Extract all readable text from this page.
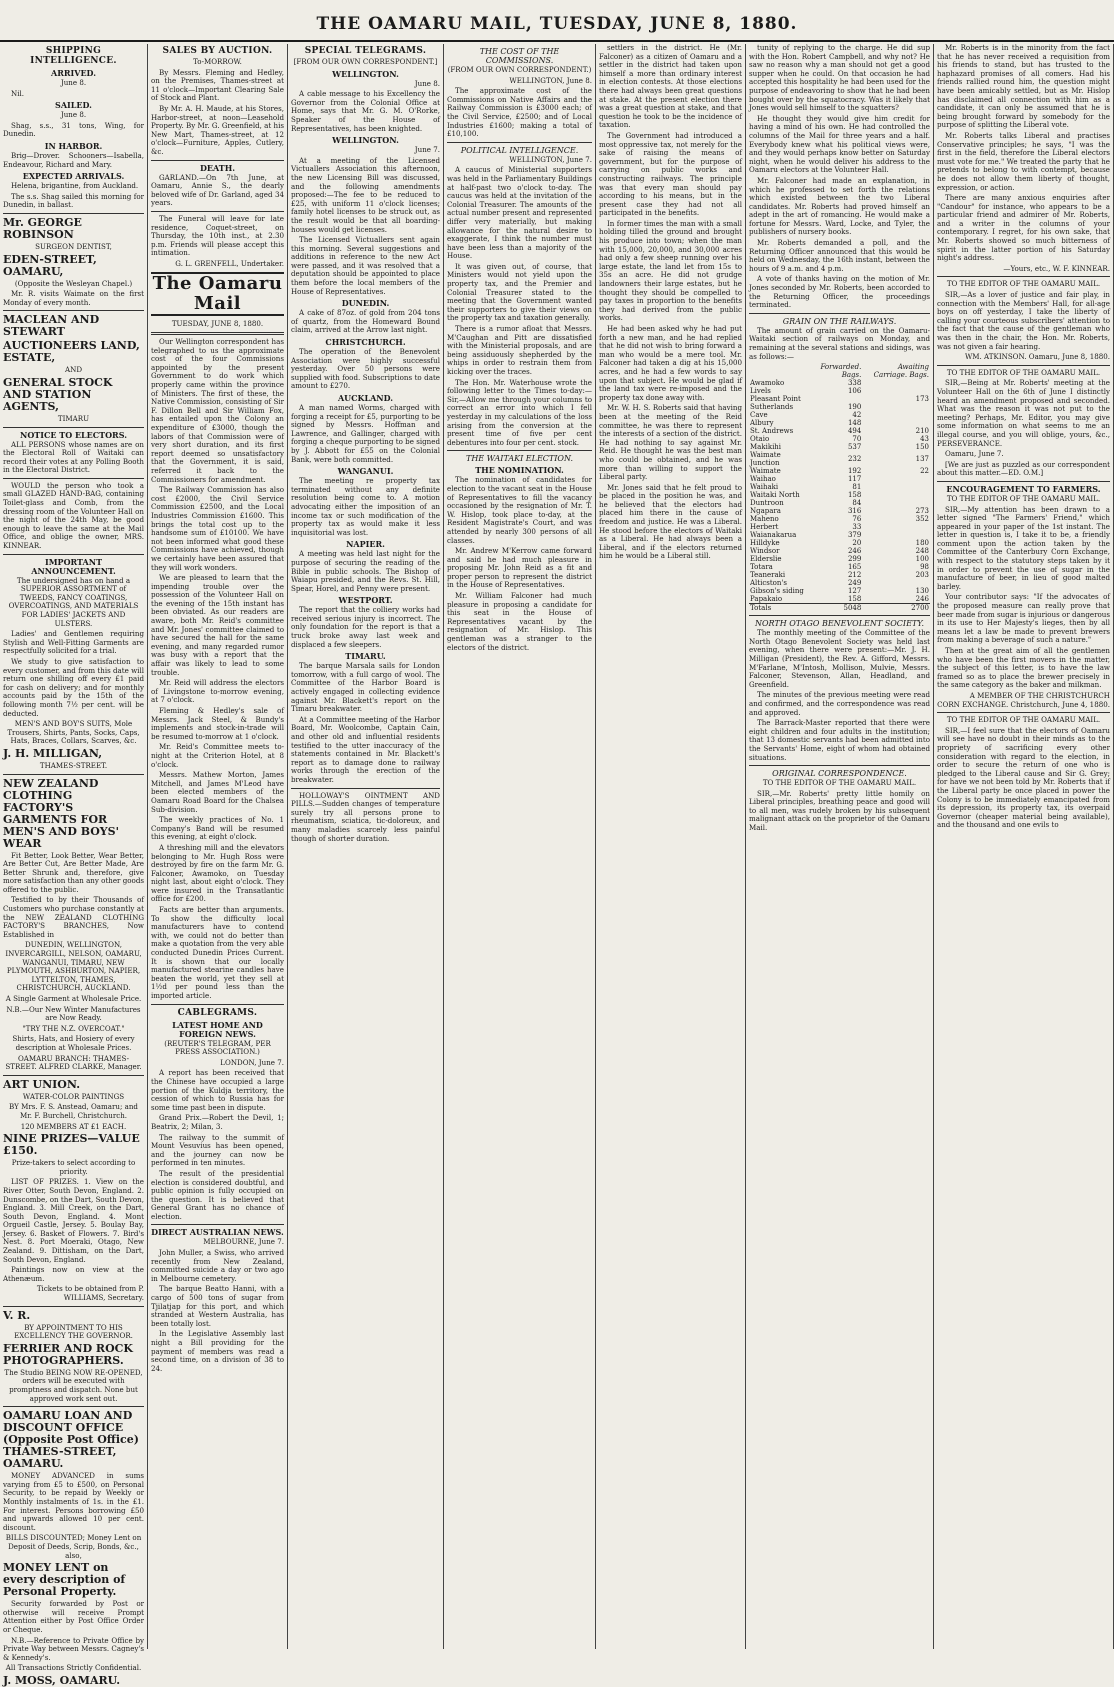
THE OAMARU MAIL, TUESDAY, JUNE 8, 1880.
SHIPPING INTELLIGENCE.
ARRIVED.

June 8.

Nil.

SAILED.

June 8.

Shag, s.s., 31 tons, Wing, for Dunedin.

IN HARBOR.

Brig—Drover. Schooners—Isabella, Endeavour, Richard and Mary.

EXPECTED ARRIVALS.

Helena, brigantine, from Auckland.

The s.s. Shag sailed this morning for Dunedin, in ballast.

Mr. GEORGE ROBINSON

SURGEON DENTIST,

EDEN-STREET, OAMARU,

(Opposite the Wesleyan Chapel.)

Mr. R. visits Waimate on the first Monday of every month.

MACLEAN AND STEWART

AUCTIONEERS LAND, ESTATE,

AND

GENERAL STOCK AND STATION AGENTS,

TIMARU

NOTICE TO ELECTORS.

ALL PERSONS whose names are on the Electoral Roll of Waitaki can record their votes at any Polling Booth in the Electoral District.

WOULD the person who took a small GLAZED HAND-BAG, containing Toilet-glass and Comb, from the dressing room of the Volunteer Hall on the night of the 24th May, be good enough to leave the same at the Mail Office, and oblige the owner, MRS. KINNEAR.

IMPORTANT ANNOUNCEMENT.

The undersigned has on hand a SUPERIOR ASSORTMENT of TWEEDS, FANCY COATINGS, OVERCOATINGS, AND MATERIALS FOR LADIES' JACKETS AND ULSTERS.

Ladies' and Gentlemen requiring Stylish and Well-Fitting Garments are respectfully solicited for a trial.

We study to give satisfaction to every customer, and from this date will return one shilling off every £1 paid for cash on delivery; and for monthly accounts paid by the 15th of the following month 7½ per cent. will be deducted.

MEN'S AND BOY'S SUITS, Mole Trousers, Shirts, Pants, Socks, Caps, Hats, Braces, Collars, Scarves, &c.

J. H. MILLIGAN,

THAMES-STREET.

NEW ZEALAND CLOTHING FACTORY'S GARMENTS FOR MEN'S AND BOYS' WEAR

Fit Better, Look Better, Wear Better, Are Better Cut, Are Better Made, Are Better Shrunk and, therefore, give more satisfaction than any other goods offered to the public.

Testified to by their Thousands of Customers who purchase constantly at the NEW ZEALAND CLOTHING FACTORY'S BRANCHES, Now Established in

DUNEDIN, WELLINGTON, INVERCARGILL, NELSON, OAMARU, WANGANUI, TIMARU, NEW PLYMOUTH, ASHBURTON, NAPIER, LYTTELTON, THAMES, CHRISTCHURCH, AUCKLAND.

A Single Garment at Wholesale Price.

N.B.—Our New Winter Manufactures are Now Ready.

"TRY THE N.Z. OVERCOAT."

Shirts, Hats, and Hosiery of every description at Wholesale Prices.

OAMARU BRANCH: THAMES-STREET. ALFRED CLARKE, Manager.

ART UNION.

WATER-COLOR PAINTINGS

BY Mrs. F. S. Anstead, Oamaru; and Mr. F. Burchell, Christchurch.

120 MEMBERS AT £1 EACH.

NINE PRIZES—VALUE £150.

Prize-takers to select according to priority.

LIST OF PRIZES. 1. View on the River Otter, South Devon, England. 2. Dunscombe, on the Dart, South Devon, England. 3. Mill Creek, on the Dart, South Devon, England. 4. Mont Orgueil Castle, Jersey. 5. Boulay Bay, Jersey. 6. Basket of Flowers. 7. Bird's Nest. 8. Port Moeraki, Otago, New Zealand. 9. Dittisham, on the Dart, South Devon, England.

Paintings now on view at the Athenæum.

Tickets to be obtained from P. WILLIAMS, Secretary.

V. R.

BY APPOINTMENT TO HIS EXCELLENCY THE GOVERNOR.

FERRIER AND ROCK PHOTOGRAPHERS.

The Studio BEING NOW RE-OPENED, orders will be executed with promptness and dispatch. None but approved work sent out.

OAMARU LOAN AND DISCOUNT OFFICE (Opposite Post Office) THAMES-STREET, OAMARU.

MONEY ADVANCED in sums varying from £5 to £500, on Personal Security, to be repaid by Weekly or Monthly instalments of 1s. in the £1. For interest. Persons borrowing £50 and upwards allowed 10 per cent. discount.

BILLS DISCOUNTED; Money Lent on Deposit of Deeds, Scrip, Bonds, &c., also,

MONEY LENT on every description of Personal Property.

Security forwarded by Post or otherwise will receive Prompt Attention either by Post Office Order or Cheque.

N.B.—Reference to Private Office by Private Way between Messrs. Cagney's & Kennedy's.

All Transactions Strictly Confidential.

J. MOSS, OAMARU.

SALES BY AUCTION.

To-MORROW.

By Messrs. Fleming and Hedley, on the Premises, Thames-street at 11 o'clock—Important Clearing Sale of Stock and Plant.

By Mr. A. H. Maude, at his Stores, Harbor-street, at noon—Leasehold Property. By Mr. G. Greenfield, at his New Mart, Thames-street, at 12 o'clock—Furniture, Apples, Cutlery, &c.

DEATH.

GARLAND.—On 7th June, at Oamaru, Annie S., the dearly beloved wife of Dr. Garland, aged 34 years.

The Funeral will leave for late residence, Coquet-street, on Thursday, the 10th inst., at 2.30 p.m. Friends will please accept this intimation.

G. L. GRENFELL, Undertaker.

The Oamaru Mail

TUESDAY, JUNE 8, 1880.

Our Wellington correspondent has telegraphed to us the approximate cost of the four Commissions appointed by the present Government to do work which properly came within the province of Ministers. The first of these, the Native Commission, consisting of Sir F. Dillon Bell and Sir William Fox, has entailed upon the Colony an expenditure of £3000, though the labors of that Commission were of very short duration, and its first report deemed so unsatisfactory that the Government, it is said, referred it back to the Commissioners for amendment.

The Railway Commission has also cost £2000, the Civil Service Commission £2500, and the Local Industries Commission £1600. This brings the total cost up to the handsome sum of £10100. We have not been informed what good these Commissions have achieved, though we certainly have been assured that they will work wonders.

We are pleased to learn that the impending trouble over the possession of the Volunteer Hall on the evening of the 15th instant has been obviated. As our readers are aware, both Mr. Reid's committee and Mr. Jones' committee claimed to have secured the hall for the same evening, and many regarded rumor was busy with a report that the affair was likely to lead to some trouble.

Mr. Reid will address the electors of Livingstone to-morrow evening, at 7 o'clock.

Fleming & Hedley's sale of Messrs. Jack Steel, & Bundy's implements and stock-in-trade will be resumed to-morrow at 1 o'clock.

Mr. Reid's Committee meets to-night at the Criterion Hotel, at 8 o'clock.

Messrs. Mathew Morton, James Mitchell, and James M'Leod have been elected members of the Oamaru Road Board for the Chalsea Sub-division.

The weekly practices of No. 1 Company's Band will be resumed this evening, at eight o'clock.

A threshing mill and the elevators belonging to Mr. Hugh Ross were destroyed by fire on the farm Mr. G. Falconer, Awamoko, on Tuesday night last, about eight o'clock. They were insured in the Transatlantic office for £200.

Facts are better than arguments. To show the difficulty local manufacturers have to contend with, we could not do better than make a quotation from the very able conducted Dunedin Prices Current. It is shown that our locally manufactured stearine candles have beaten the world, yet they sell at 1½d per pound less than the imported article.

CABLEGRAMS.
LATEST HOME AND FOREIGN NEWS.

(REUTER'S TELEGRAM, PER PRESS ASSOCIATION.)

LONDON, June 7.

A report has been received that the Chinese have occupied a large portion of the Kuldja territory, the cession of which to Russia has for some time past been in dispute.

Grand Prix.—Robert the Devil, 1; Beatrix, 2; Milan, 3.

The railway to the summit of Mount Vesuvius has been opened, and the journey can now be performed in ten minutes.

The result of the presidential election is considered doubtful, and public opinion is fully occupied on the question. It is believed that General Grant has no chance of election.

DIRECT AUSTRALIAN NEWS.

MELBOURNE, June 7.

John Muller, a Swiss, who arrived recently from New Zealand, committed suicide a day or two ago in Melbourne cemetery.

The barque Beatto Hanni, with a cargo of 500 tons of sugar from Tjilatjap for this port, and which stranded at Western Australia, has been totally lost.

In the Legislative Assembly last night a Bill providing for the payment of members was read a second time, on a division of 38 to 24.

SPECIAL TELEGRAMS.

[FROM OUR OWN CORRESPONDENT.]

WELLINGTON.

June 8.

A cable message to his Excellency the Governor from the Colonial Office at Home, says that Mr. G. M. O'Rorke, Speaker of the House of Representatives, has been knighted.

WELLINGTON.

June 7.

At a meeting of the Licensed Victuallers Association this afternoon, the new Licensing Bill was discussed, and the following amendments proposed:—The fee to be reduced to £25, with uniform 11 o'clock licenses; family hotel licenses to be struck out, as the result would be that all boarding-houses would get licenses.

The Licensed Victuallers sent again this morning. Several suggestions and additions in reference to the new Act were passed, and it was resolved that a deputation should be appointed to place them before the local members of the House of Representatives.

DUNEDIN.

A cake of 87oz. of gold from 204 tons of quartz, from the Homeward Bound claim, arrived at the Arrow last night.

CHRISTCHURCH.

The operation of the Benevolent Association were highly successful yesterday. Over 50 persons were supplied with food. Subscriptions to date amount to £270.

AUCKLAND.

A man named Worms, charged with forging a receipt for £5, purporting to be signed by Messrs. Hoffman and Lawrence, and Gallinger, charged with forging a cheque purporting to be signed by J. Abbott for £55 on the Colonial Bank, were both committed.

WANGANUI.

The meeting re property tax terminated without any definite resolution being come to. A motion advocating either the imposition of an income tax or such modification of the property tax as would make it less inquisitorial was lost.

NAPIER.

A meeting was held last night for the purpose of securing the reading of the Bible in public schools. The Bishop of Waiapu presided, and the Revs. St. Hill, Spear, Horel, and Penny were present.

WESTPORT.

The report that the colliery works had received serious injury is incorrect. The only foundation for the report is that a truck broke away last week and displaced a few sleepers.

TIMARU.

The barque Marsala sails for London tomorrow, with a full cargo of wool. The Committee of the Harbor Board is actively engaged in collecting evidence against Mr. Blackett's report on the Timaru breakwater.

At a Committee meeting of the Harbor Board, Mr. Woolcombe, Captain Cain, and other old and influential residents testified to the utter inaccuracy of the statements contained in Mr. Blackett's report as to damage done to railway works through the erection of the breakwater.

HOLLOWAY'S OINTMENT AND PILLS.—Sudden changes of temperature surely try all persons prone to rheumatism, sciatica, tic-doloreux, and many maladies scarcely less painful though of shorter duration.

THE COST OF THE COMMISSIONS.

(FROM OUR OWN CORRESPONDENT.)

WELLINGTON, June 8.

The approximate cost of the Commissions on Native Affairs and the Railway Commission is £3000 each; of the Civil Service, £2500; and of Local Industries £1600; making a total of £10,100.

POLITICAL INTELLIGENCE.

WELLINGTON, June 7.

A caucus of Ministerial supporters was held in the Parliamentary Buildings at half-past two o'clock to-day. The caucus was held at the invitation of the Colonial Treasurer. The amounts of the actual number present and represented differ very materially, but making allowance for the natural desire to exaggerate, I think the number must have been less than a majority of the House.

It was given out, of course, that Ministers would not yield upon the property tax, and the Premier and Colonial Treasurer stated to the meeting that the Government wanted their supporters to give their views on the property tax and taxation generally.

There is a rumor afloat that Messrs. M'Caughan and Pitt are dissatisfied with the Ministerial proposals, and are being assiduously shepherded by the whips in order to restrain them from kicking over the traces.

The Hon. Mr. Waterhouse wrote the following letter to the Times to-day:—Sir,—Allow me through your columns to correct an error into which I fell yesterday in my calculations of the loss arising from the conversion at the present time of five per cent debentures into four per cent. stock.

THE WAITAKI ELECTION.
THE NOMINATION.

The nomination of candidates for election to the vacant seat in the House of Representatives to fill the vacancy occasioned by the resignation of Mr. T. W. Hislop, took place to-day, at the Resident Magistrate's Court, and was attended by nearly 300 persons of all classes.

Mr. Andrew M'Kerrow came forward and said he had much pleasure in proposing Mr. John Reid as a fit and proper person to represent the district in the House of Representatives.

Mr. William Falconer had much pleasure in proposing a candidate for this seat in the House of Representatives vacant by the resignation of Mr. Hislop. This gentleman was a stranger to the electors of the district.

settlers in the district. He (Mr. Falconer) as a citizen of Oamaru and a settler in the district had taken upon himself a more than ordinary interest in election contests. At those elections there had always been great questions at stake. At the present election there was a great question at stake, and that question he took to be the incidence of taxation.

The Government had introduced a most oppressive tax, not merely for the sake of raising the means of government, but for the purpose of carrying on public works and constructing railways. The principle was that every man should pay according to his means, but in the present case they had not all participated in the benefits.

In former times the man with a small holding tilled the ground and brought his produce into town; when the man with 15,000, 20,000, and 30,000 acres had only a few sheep running over his large estate, the land let from 15s to 35s an acre. He did not grudge landowners their large estates, but he thought they should be compelled to pay taxes in proportion to the benefits they had derived from the public works.

He had been asked why he had put forth a new man, and he had replied that he did not wish to bring forward a man who would be a mere tool. Mr. Falconer had taken a dig at his 15,000 acres, and he had a few words to say upon that subject. He would be glad if the land tax were re-imposed and the property tax done away with.

Mr. W. H. S. Roberts said that having been at the meeting of the Reid committee, he was there to represent the interests of a section of the district. He had nothing to say against Mr. Reid. He thought he was the best man who could be obtained, and he was more than willing to support the Liberal party.

Mr. Jones said that he felt proud to be placed in the position he was, and he believed that the electors had placed him there in the cause of freedom and justice. He was a Liberal. He stood before the electors of Waitaki as a Liberal. He had always been a Liberal, and if the electors returned him he would be a Liberal still.

tunity of replying to the charge. He did sup with the Hon. Robert Campbell, and why not? He saw no reason why a man should not get a good supper when he could. On that occasion he had accepted this hospitality he had been used for the purpose of endeavoring to show that he had been bought over by the squatocracy. Was it likely that Jones would sell himself to the squatters?

He thought they would give him credit for having a mind of his own. He had controlled the columns of the Mail for three years and a half. Everybody knew what his political views were, and they would perhaps know better on Saturday night, when he would deliver his address to the Oamaru electors at the Volunteer Hall.

Mr. Falconer had made an explanation, in which he professed to set forth the relations which existed between the two Liberal candidates. Mr. Roberts had proved himself an adept in the art of romancing. He would make a fortune for Messrs. Ward, Locke, and Tyler, the publishers of nursery books.

Mr. Roberts demanded a poll, and the Returning Officer announced that this would be held on Wednesday, the 16th instant, between the hours of 9 a.m. and 4 p.m.

A vote of thanks having on the motion of Mr. Jones seconded by Mr. Roberts, been accorded to the Returning Officer, the proceedings terminated.

GRAIN ON THE RAILWAYS.

The amount of grain carried on the Oamaru-Waitaki section of railways on Monday, and remaining at the several stations and sidings, was as follows:—

	Forwarded. Bags.	Awaiting Carriage. Bags.
Awamoko	338	
Livels	106	
Pleasant Point		173
Sutherlands	190	
Cave	42	
Albury	148	
St. Andrews	494	210
Otaio	70	43
Makikihi	537	150
Waimate Junction	232	137
Waimate	192	22
Waihao	117	
Waihaki	81	
Waitaki North	158	
Duntroon	84	
Ngapara	316	273
Maheno	76	352
Herbert	33	
Waianakarua	379	
Hilldyke	20	180
Windsor	246	248
Elderslie	299	100
Totara	165	98
Teaneraki	212	203
Alticston's	249	
Gibson's siding	127	130
Papakaio	158	246
Totals	5048	2700
NORTH OTAGO BENEVOLENT SOCIETY.

The monthly meeting of the Committee of the North Otago Benevolent Society was held last evening, when there were present:—Mr. J. H. Milligan (President), the Rev. A. Gifford, Messrs. M'Farlane, M'Intosh, Mollison, Mulvie, Messrs. Falconer, Stevenson, Allan, Headland, and Greenfield.

The minutes of the previous meeting were read and confirmed, and the correspondence was read and approved.

The Barrack-Master reported that there were eight children and four adults in the institution; that 13 domestic servants had been admitted into the Servants' Home, eight of whom had obtained situations.

ORIGINAL CORRESPONDENCE.

TO THE EDITOR OF THE OAMARU MAIL.

SIR,—Mr. Roberts' pretty little homily on Liberal principles, breathing peace and good will to all men, was rudely broken by his subsequent malignant attack on the proprietor of the Oamaru Mail.

Mr. Roberts is in the minority from the fact that he has never received a requisition from his friends to stand, but has trusted to the haphazard promises of all comers. Had his friends rallied round him, the question might have been amicably settled, but as Mr. Hislop has disclaimed all connection with him as a candidate, it can only be assumed that he is being brought forward by somebody for the purpose of splitting the Liberal vote.

Mr. Roberts talks Liberal and practises Conservative principles; he says, "I was the first in the field, therefore the Liberal electors must vote for me." We treated the party that he pretends to belong to with contempt, because he does not allow them liberty of thought, expression, or action.

There are many anxious enquiries after "Candour" for instance, who appears to be a particular friend and admirer of Mr. Roberts, and a writer in the columns of your contemporary. I regret, for his own sake, that Mr. Roberts showed so much bitterness of spirit in the latter portion of his Saturday night's address.

—Yours, etc., W. F. KINNEAR.

TO THE EDITOR OF THE OAMARU MAIL.

SIR,—As a lover of justice and fair play, in connection with the Members' Hall, for all-age boys on off yesterday, I take the liberty of calling your courteous subscribers' attention to the fact that the cause of the gentleman who was then in the chair, the Hon. Mr. Roberts, was not given a fair hearing.

WM. ATKINSON. Oamaru, June 8, 1880.

TO THE EDITOR OF THE OAMARU MAIL.

SIR,—Being at Mr. Roberts' meeting at the Volunteer Hall on the 6th of June I distinctly heard an amendment proposed and seconded. What was the reason it was not put to the meeting? Perhaps, Mr. Editor, you may give some information on what seems to me an illegal course, and you will oblige, yours, &c., PERSEVERANCE.

Oamaru, June 7.

[We are just as puzzled as our correspondent about this matter.—ED. O.M.]

ENCOURAGEMENT TO FARMERS.

TO THE EDITOR OF THE OAMARU MAIL.

SIR,—My attention has been drawn to a letter signed "The Farmers' Friend," which appeared in your paper of the 1st instant. The letter in question is, I take it to be, a friendly comment upon the action taken by the Committee of the Canterbury Corn Exchange, with respect to the statutory steps taken by it in order to prevent the use of sugar in the manufacture of beer, in lieu of good malted barley.

Your contributor says: "If the advocates of the proposed measure can really prove that beer made from sugar is injurious or dangerous in its use to Her Majesty's lieges, then by all means let a law be made to prevent brewers from making a beverage of such a nature."

Then at the great aim of all the gentlemen who have been the first movers in the matter, the subject of this letter, is to have the law framed so as to place the brewer precisely in the same category as the baker and milkman.

A MEMBER OF THE CHRISTCHURCH CORN EXCHANGE. Christchurch, June 4, 1880.

TO THE EDITOR OF THE OAMARU MAIL.

SIR,—I feel sure that the electors of Oamaru will see have no doubt in their minds as to the propriety of sacrificing every other consideration with regard to the election, in order to secure the return of one who is pledged to the Liberal cause and Sir G. Grey; for have we not been told by Mr. Roberts that if the Liberal party be once placed in power the Colony is to be immediately emancipated from its depression, its property tax, its overpaid Governor (cheaper material being available), and the thousand and one evils to
